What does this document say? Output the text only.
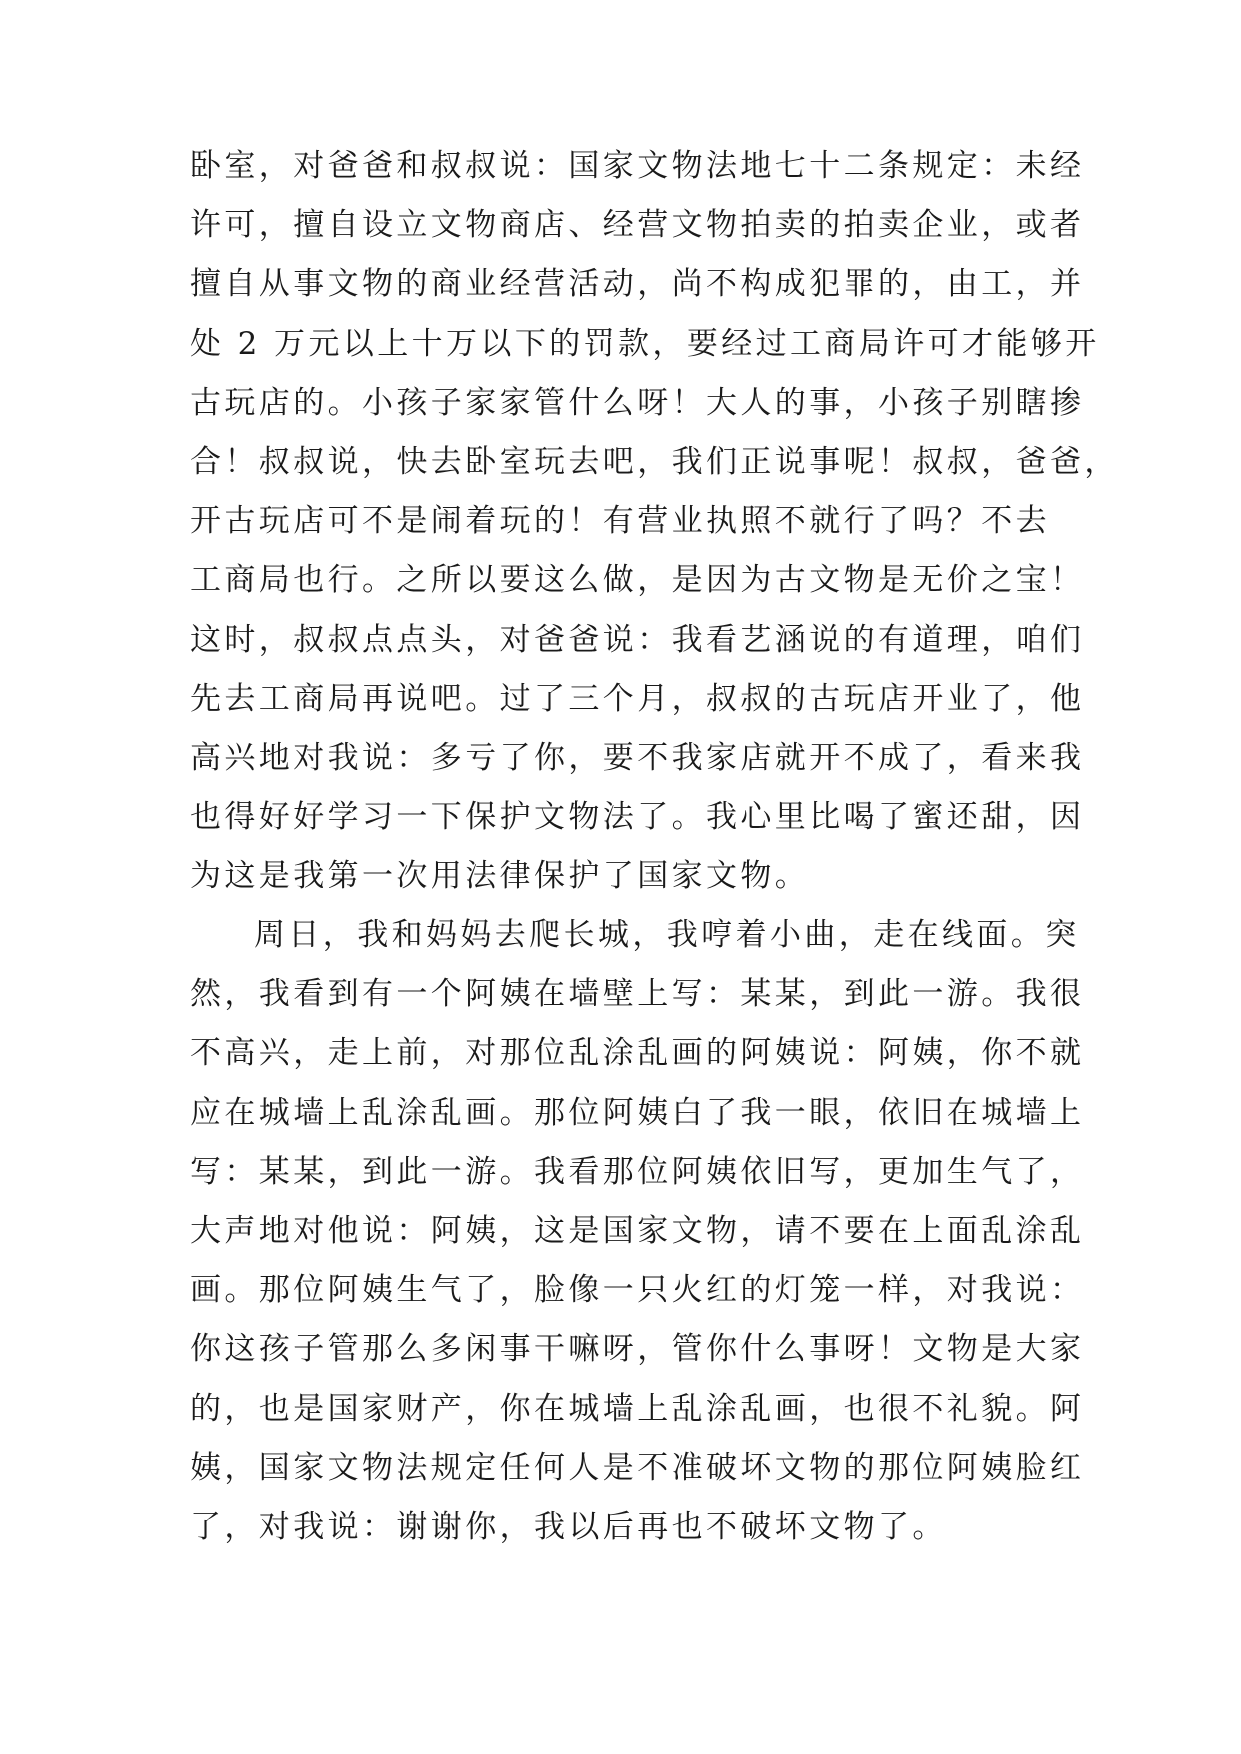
卧室，对爸爸和叔叔说：国家文物法地七十二条规定：未经
许可，擅自设立文物商店、经营文物拍卖的拍卖企业，或者
擅自从事文物的商业经营活动，尚不构成犯罪的，由工，并
处 2 万元以上十万以下的罚款，要经过工商局许可才能够开
古玩店的。小孩子家家管什么呀！大人的事，小孩子别瞎掺
合！叔叔说，快去卧室玩去吧，我们正说事呢！叔叔，爸爸，
开古玩店可不是闹着玩的！有营业执照不就行了吗？不去
工商局也行。之所以要这么做，是因为古文物是无价之宝！
这时，叔叔点点头，对爸爸说：我看艺涵说的有道理，咱们
先去工商局再说吧。过了三个月，叔叔的古玩店开业了，他
高兴地对我说：多亏了你，要不我家店就开不成了，看来我
也得好好学习一下保护文物法了。我心里比喝了蜜还甜，因
为这是我第一次用法律保护了国家文物。
周日，我和妈妈去爬长城，我哼着小曲，走在线面。突
然，我看到有一个阿姨在墙壁上写：某某，到此一游。我很
不高兴，走上前，对那位乱涂乱画的阿姨说：阿姨，你不就
应在城墙上乱涂乱画。那位阿姨白了我一眼，依旧在城墙上
写：某某，到此一游。我看那位阿姨依旧写，更加生气了，
大声地对他说：阿姨，这是国家文物，请不要在上面乱涂乱
画。那位阿姨生气了，脸像一只火红的灯笼一样，对我说：
你这孩子管那么多闲事干嘛呀，管你什么事呀！文物是大家
的，也是国家财产，你在城墙上乱涂乱画，也很不礼貌。阿
姨，国家文物法规定任何人是不准破坏文物的那位阿姨脸红
了，对我说：谢谢你，我以后再也不破坏文物了。
